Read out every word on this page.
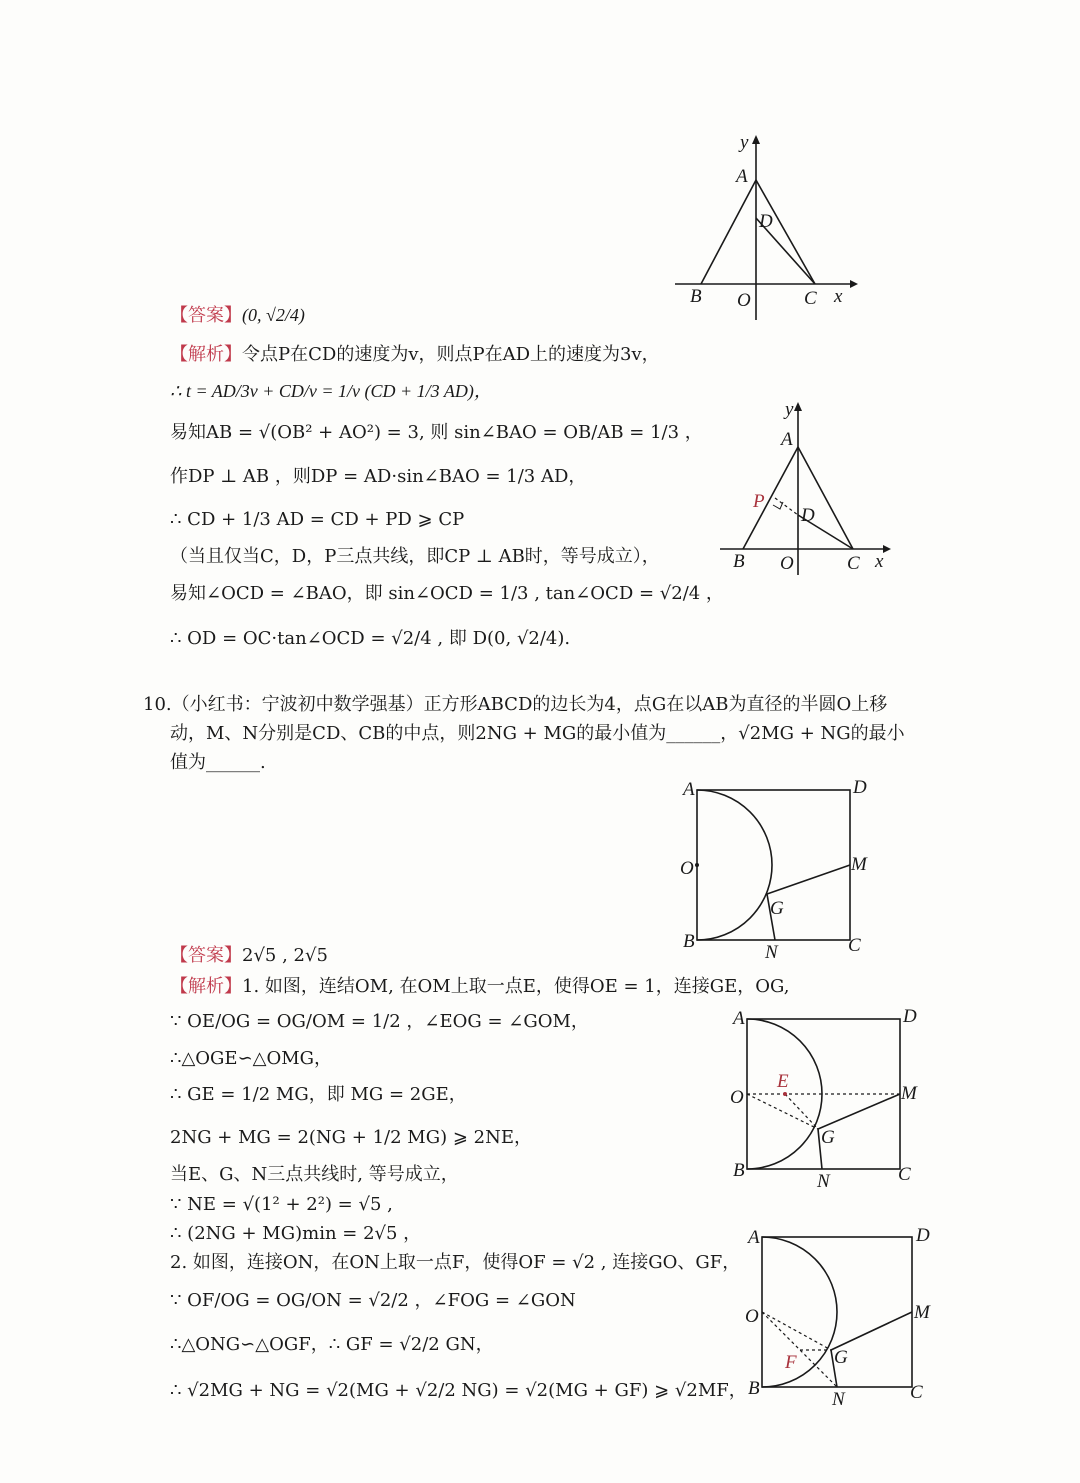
y
A
D
B O	C x
y
A
P
D
B O	C x
A	D
O	M
G
B
N	C
A	D
E
O	M
G
B
N	C
A	D
O	M
F G
B
N	C
【答案】(0, √2/4)
【解析】令点P在CD的速度为v，则点P在AD上的速度为3v，
∴ t = AD/3v + CD/v = 1/v (CD + 1/3 AD)，
易知AB = √(OB² + AO²) = 3, 则 sin∠BAO = OB/AB = 1/3 ，
作DP ⊥ AB ，则DP = AD·sin∠BAO = 1/3 AD，
∴ CD + 1/3 AD = CD + PD ⩾ CP
（当且仅当C，D，P三点共线，即CP ⊥ AB时，等号成立），
易知∠OCD = ∠BAO，即 sin∠OCD = 1/3 , tan∠OCD = √2/4 ，
∴ OD = OC·tan∠OCD = √2/4 , 即 D(0, √2/4).
10.（小红书：宁波初中数学强基）正方形ABCD的边长为4，点G在以AB为直径的半圆O上移
动，M、N分别是CD、CB的中点，则2NG + MG的最小值为______，√2MG + NG的最小
值为______.
【答案】2√5 , 2√5
【解析】1. 如图，连结OM, 在OM上取一点E，使得OE = 1，连接GE，OG,
∵ OE/OG = OG/OM = 1/2 ，∠EOG = ∠GOM，
∴△OGE∽△OMG，
∴ GE = 1/2 MG，即 MG = 2GE，
2NG + MG = 2(NG + 1/2 MG) ⩾ 2NE，
当E、G、N三点共线时, 等号成立，
∵ NE = √(1² + 2²) = √5 ,
∴ (2NG + MG)min = 2√5 ，
2. 如图，连接ON，在ON上取一点F，使得OF = √2 , 连接GO、GF，
∵ OF/OG = OG/ON = √2/2 ，∠FOG = ∠GON
∴△ONG∽△OGF，∴ GF = √2/2 GN，
∴ √2MG + NG = √2(MG + √2/2 NG) = √2(MG + GF) ⩾ √2MF，
